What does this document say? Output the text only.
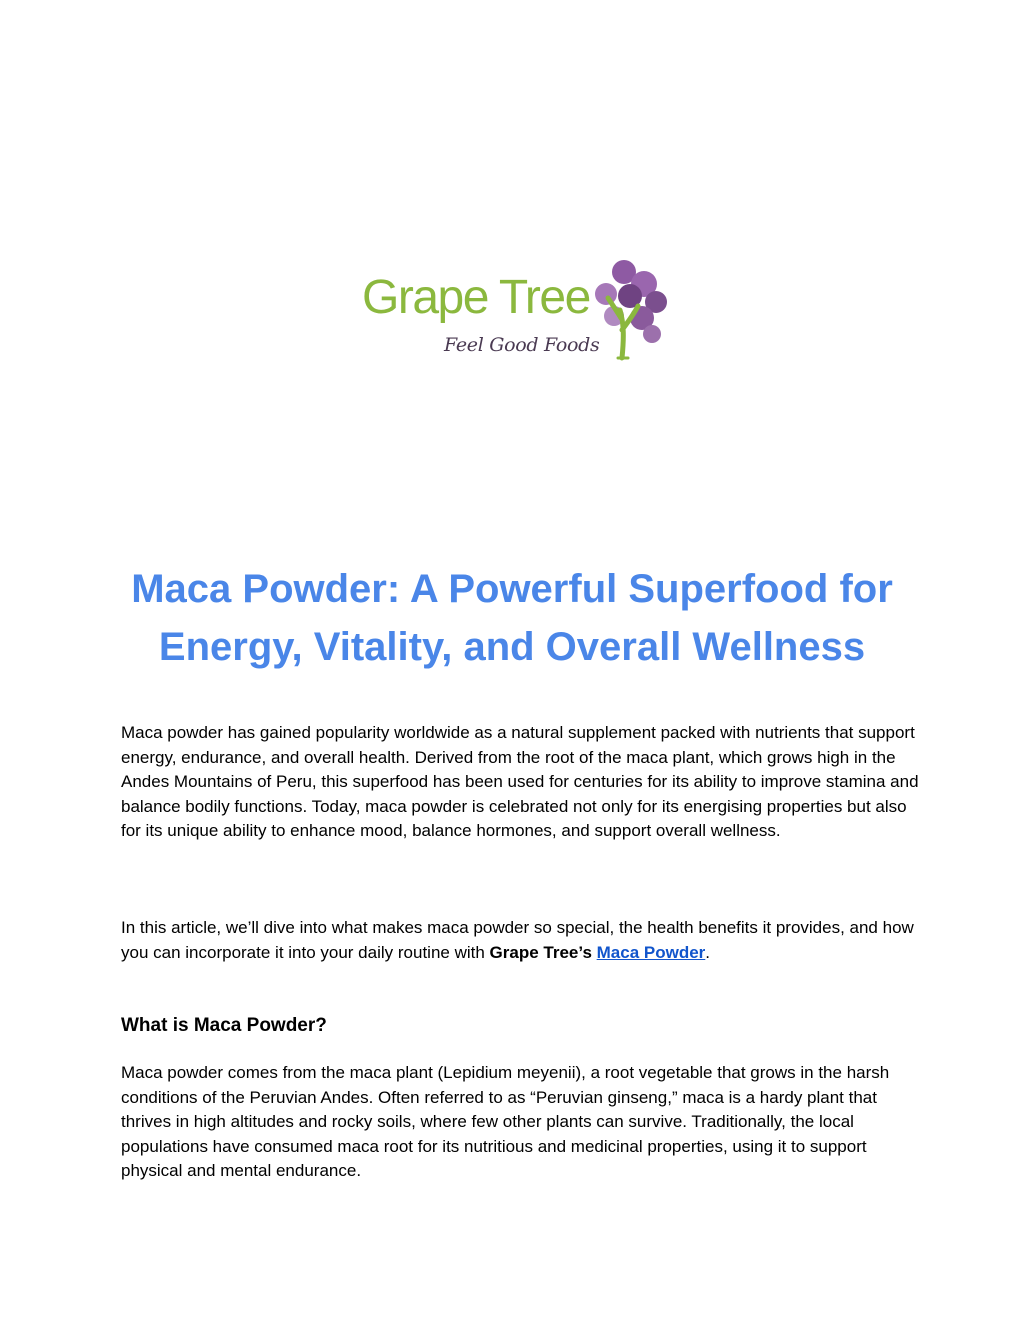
Grape Tree
Feel Good Foods
Maca Powder: A Powerful Superfood for Energy, Vitality, and Overall Wellness

Maca powder has gained popularity worldwide as a natural supplement packed with nutrients that support energy, endurance, and overall health. Derived from the root of the maca plant, which grows high in the Andes Mountains of Peru, this superfood has been used for centuries for its ability to improve stamina and balance bodily functions. Today, maca powder is celebrated not only for its energising properties but also for its unique ability to enhance mood, balance hormones, and support overall wellness.

In this article, we’ll dive into what makes maca powder so special, the health benefits it provides, and how you can incorporate it into your daily routine with Grape Tree’s Maca Powder.

What is Maca Powder?

Maca powder comes from the maca plant (Lepidium meyenii), a root vegetable that grows in the harsh conditions of the Peruvian Andes. Often referred to as “Peruvian ginseng,” maca is a hardy plant that thrives in high altitudes and rocky soils, where few other plants can survive. Traditionally, the local populations have consumed maca root for its nutritious and medicinal properties, using it to support physical and mental endurance.
